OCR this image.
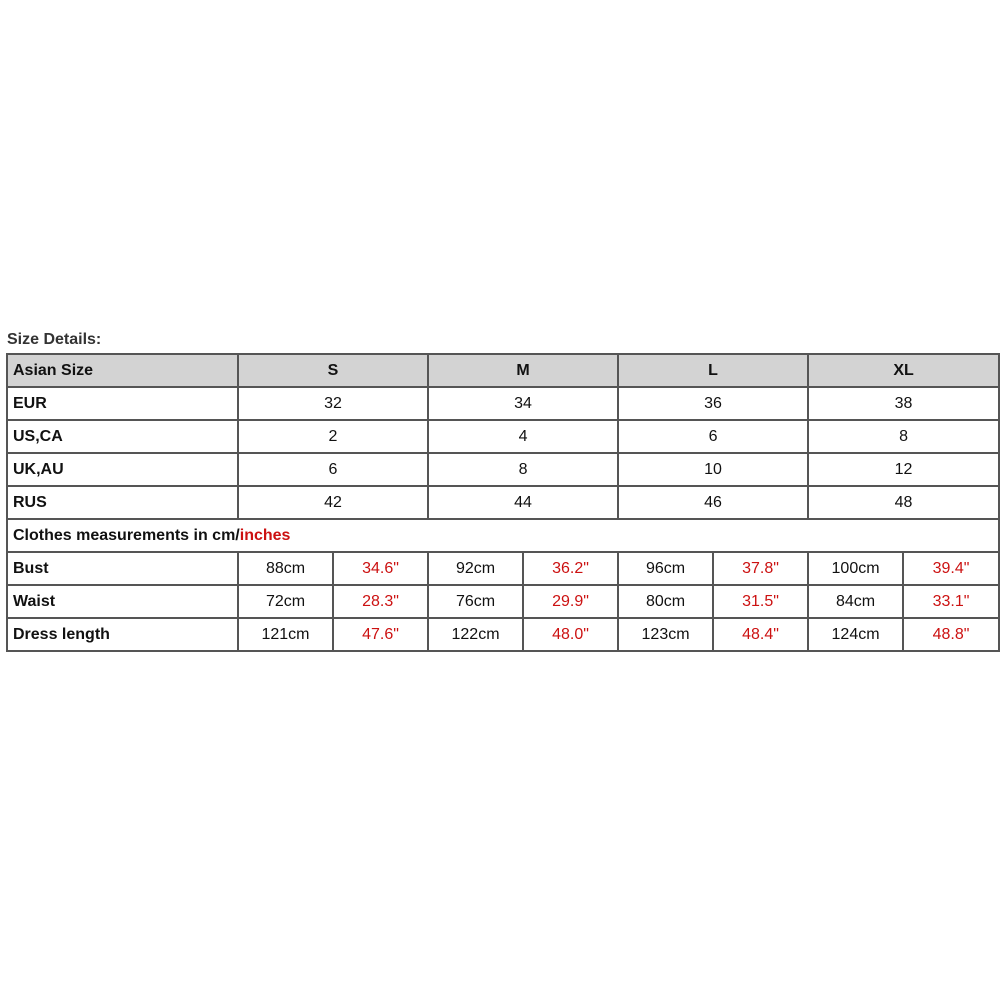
Size Details:
Asian Size	S		M		L		XL	
EUR	32		34		36		38	
US,CA	2		4		6		8	
UK,AU	6		8		10		12	
RUS	42		44		46		48	
Clothes measurements in cm/inches								
Bust	88cm	34.6"	92cm	36.2"	96cm	37.8"	100cm	39.4"
Waist	72cm	28.3"	76cm	29.9"	80cm	31.5"	84cm	33.1"
Dress length	121cm	47.6"	122cm	48.0"	123cm	48.4"	124cm	48.8"
